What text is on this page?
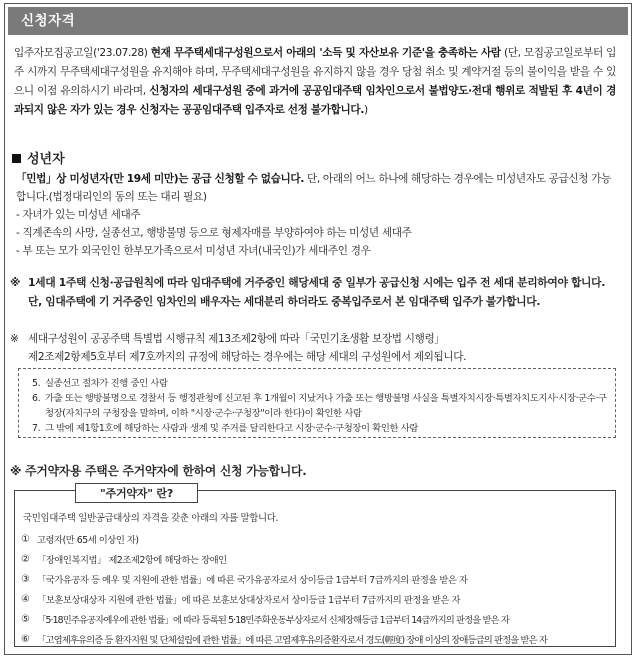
신청자격
입주자모집공고일('23.07.28) 현재 무주택세대구성원으로서 아래의 '소득 및 자산보유 기준'을 충족하는 사람 (단, 모집공고일로부터 입주 시까지 무주택세대구성원을 유지해야 하며, 무주택세대구성원을 유지하지 않을 경우 당첨 취소 및 계약거절 등의 불이익을 받을 수 있으니 이점 유의하시기 바라며, 신청자의 세대구성원 중에 과거에 공공임대주택 임차인으로서 불법양도·전대 행위로 적발된 후 4년이 경과되지 않은 자가 있는 경우 신청자는 공공임대주택 입주자로 선정 불가합니다.)
성년자
「민법」상 미성년자(만 19세 미만)는 공급 신청할 수 없습니다. 단, 아래의 어느 하나에 해당하는 경우에는 미성년자도 공급신청 가능합니다.(법정대리인의 동의 또는 대리 필요)
- 자녀가 있는 미성년 세대주
- 직계존속의 사망, 실종선고, 행방불명 등으로 형제자매를 부양하여야 하는 미성년 세대주
- 부 또는 모가 외국인인 한부모가족으로서 미성년 자녀(내국인)가 세대주인 경우
※ 1세대 1주택 신청·공급원칙에 따라 임대주택에 거주중인 해당세대 중 일부가 공급신청 시에는 입주 전 세대 분리하여야 합니다. 단, 임대주택에 기 거주중인 임차인의 배우자는 세대분리 하더라도 중복입주로서 본 임대주택 입주가 불가합니다.
※ 세대구성원이 공공주택 특별법 시행규칙 제13조제2항에 따라「국민기초생활 보장법 시행령」
제2조제2항제5호부터 제7호까지의 규정에 해당하는 경우에는 해당 세대의 구성원에서 제외됩니다.
5. 실종선고 절차가 진행 중인 사람
6. 가출 또는 행방불명으로 경찰서 등 행정관청에 신고된 후 1개월이 지났거나 가출 또는 행방불명 사실을 특별자치시장·특별자치도지사·시장·군수·구청장(자치구의 구청장을 말하며, 이하 "시장·군수·구청장"이라 한다)이 확인한 사람
7. 그 밖에 제1항1호에 해당하는 사람과 생계 및 주거를 달리한다고 시장·군수·구청장이 확인한 사람
※ 주거약자용 주택은 주거약자에 한하여 신청 가능합니다.
"주거약자" 란?
국민임대주택 일반공급대상의 자격을 갖춘 아래의 자를 말합니다.
① 고령자(만 65세 이상인 자)
② 「장애인복지법」 제2조제2항에 해당하는 장애인
③ 「국가유공자 등 예우 및 지원에 관한 법률」에 따른 국가유공자로서 상이등급 1급부터 7급까지의 판정을 받은 자
④ 「보훈보상대상자 지원에 관한 법률」에 따른 보훈보상대상자로서 상이등급 1급부터 7급까지의 판정을 받은 자
⑤ 「5·18민주유공자예우에 관한 법률」에 따라 등록된 5·18민주화운동부상자로서 신체장해등급 1급부터 14급까지의 판정을 받은 자
⑥ 「고엽제후유의증 등 환자지원 및 단체설립에 관한 법률」에 따른 고엽제후유의증환자로서 경도(輕度) 장애 이상의 장애등급의 판정을 받은 자
